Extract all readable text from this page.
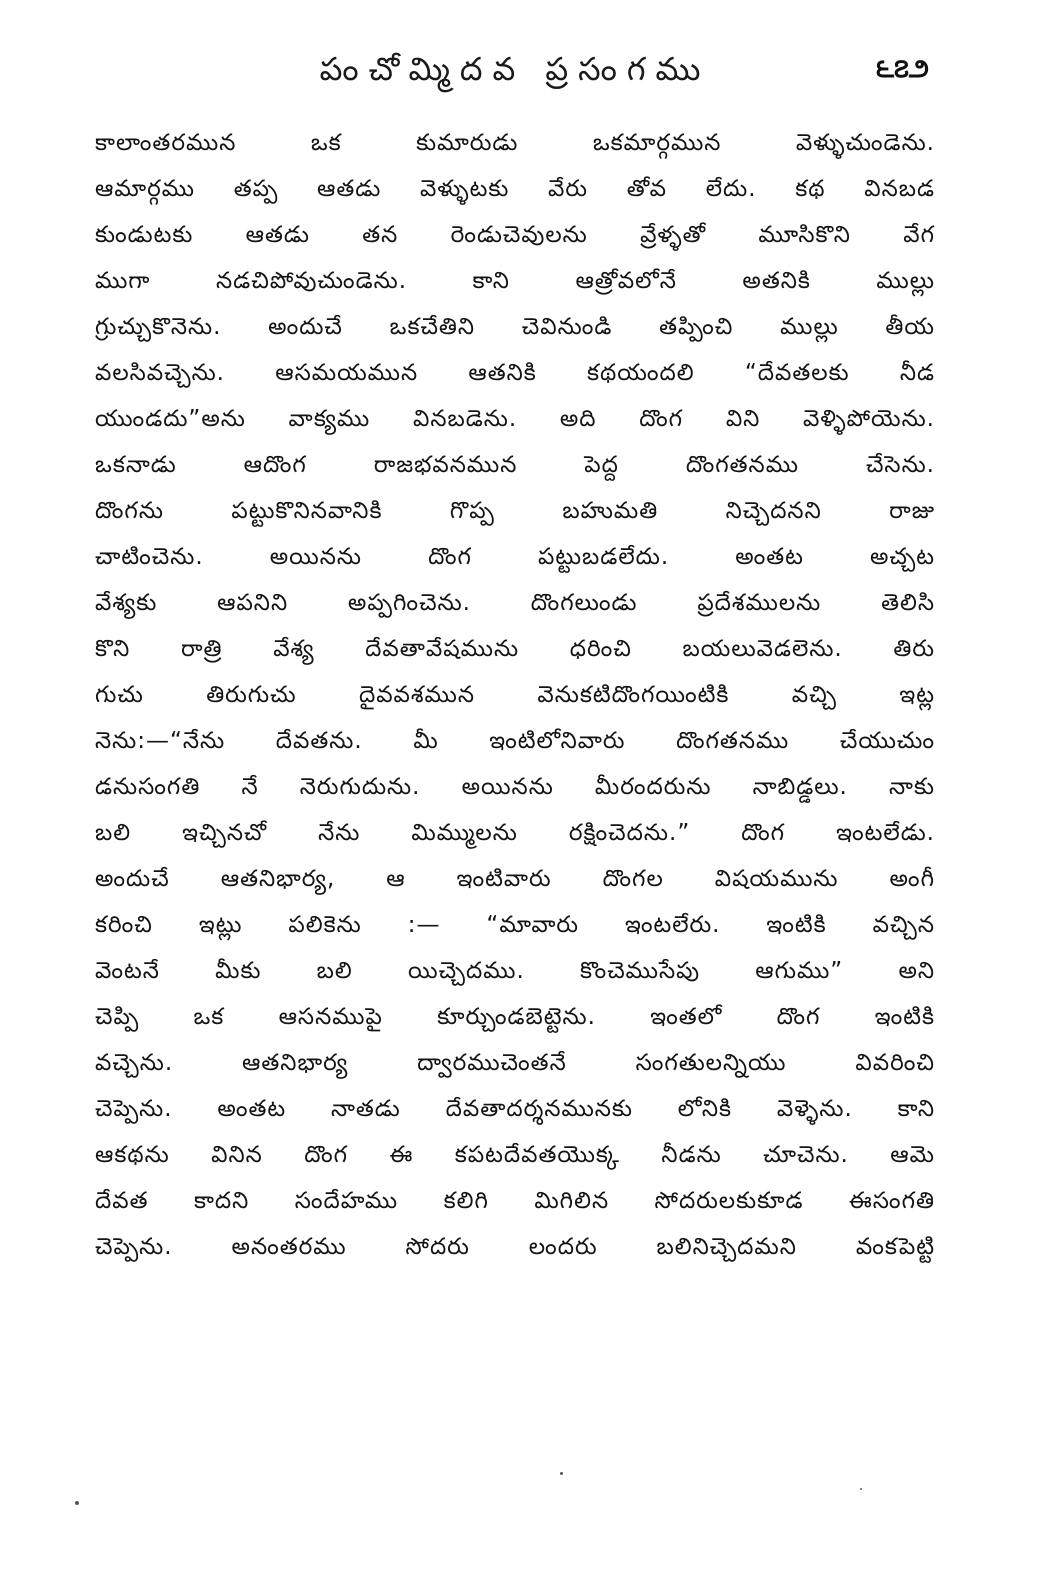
పంచోమ్మిదవ ప్రసంగము	౬౭౨
కాలాంతరమున ఒక కుమారుడు ఒకమార్గమున వెళ్ళుచుండెను.
ఆమార్గము తప్ప ఆతడు వెళ్ళుటకు వేరు తోవ లేదు. కథ వినబడ
కుండుటకు ఆతడు తన రెండుచెవులను వ్రేళ్ళతో మూసికొని వేగ
ముగా నడచిపోవుచుండెను. కాని ఆత్రోవలోనే అతనికి ముల్లు
గ్రుచ్చుకొనెను. అందుచే ఒకచేతిని చెవినుండి తప్పించి ముల్లు తీయ
వలసివచ్చెను. ఆసమయమున ఆతనికి కథయందలి “దేవతలకు నీడ
యుండదు”అను వాక్యము వినబడెను. అది దొంగ విని వెళ్ళిపోయెను.
ఒకనాడు ఆదొంగ రాజభవనమున పెద్ద దొంగతనము చేసెను.
దొంగను పట్టుకొనినవానికి గొప్ప బహుమతి నిచ్చెదనని రాజు
చాటించెను. అయినను దొంగ పట్టుబడలేదు. అంతట అచ్చట
వేశ్యకు ఆపనిని అప్పగించెను. దొంగలుండు ప్రదేశములను తెలిసి
కొని రాత్రి వేశ్య దేవతావేషమును ధరించి బయలువెడలెను. తిరు
గుచు తిరుగుచు దైవవశమున వెనుకటిదొంగయింటికి వచ్చి ఇట్ల
నెను:—“నేను దేవతను. మీ ఇంటిలోనివారు దొంగతనము చేయుచుం
డనుసంగతి నే నెరుగుదును. అయినను మీరందరును నాబిడ్డలు. నాకు
బలి ఇచ్చినచో నేను మిమ్ములను రక్షించెదను.” దొంగ ఇంటలేడు.
అందుచే ఆతనిభార్య, ఆ ఇంటివారు దొంగల విషయమును అంగీ
కరించి ఇట్లు పలికెను :— “మావారు ఇంటలేరు. ఇంటికి వచ్చిన
వెంటనే మీకు బలి యిచ్చెదము. కొంచెముసేపు ఆగుము” అని
చెప్పి ఒక ఆసనముపై కూర్చుండబెట్టెను. ఇంతలో దొంగ ఇంటికి
వచ్చెను. ఆతనిభార్య ద్వారముచెంతనే సంగతులన్నియు వివరించి
చెప్పెను. అంతట నాతడు దేవతాదర్శనమునకు లోనికి వెళ్ళెను. కాని
ఆకథను వినిన దొంగ ఈ కపటదేవతయొక్క నీడను చూచెను. ఆమె
దేవత కాదని సందేహము కలిగి మిగిలిన సోదరులకుకూడ ఈసంగతి
చెప్పెను. అనంతరము సోదరు లందరు బలినిచ్చెదమని వంకపెట్టి
